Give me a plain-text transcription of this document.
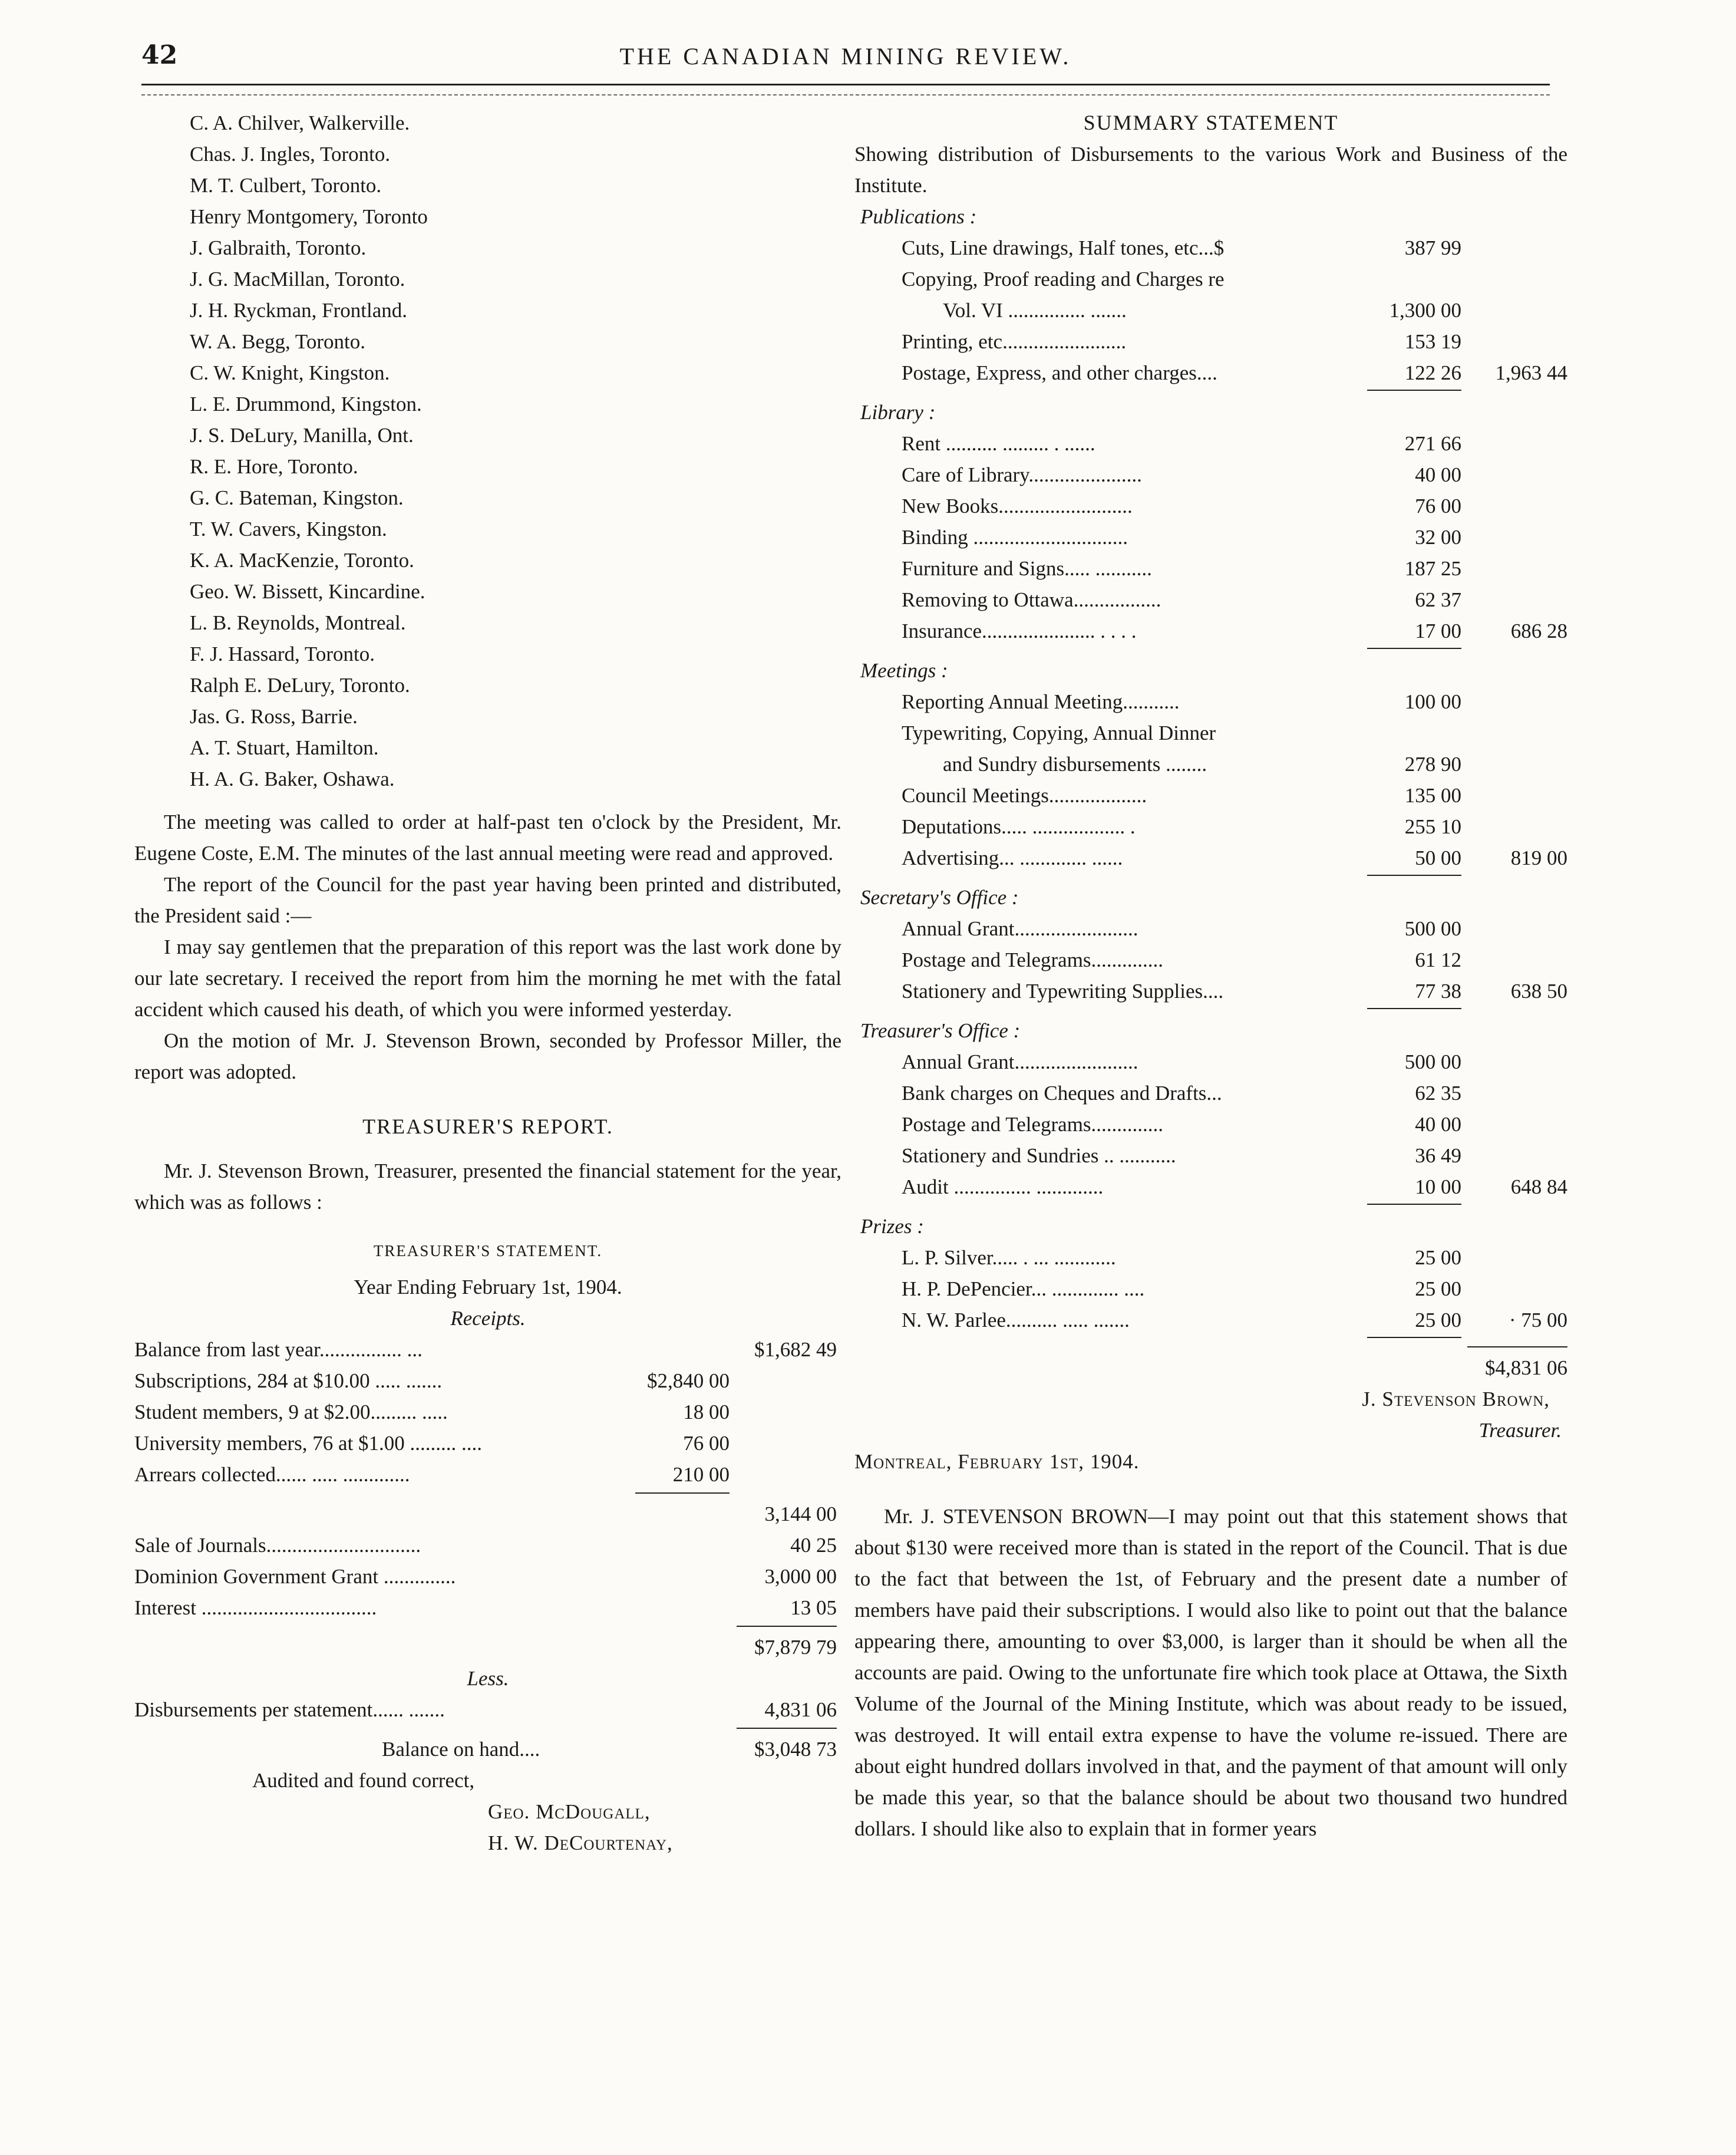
42	THE CANADIAN MINING REVIEW.
C. A. Chilver, Walkerville.
Chas. J. Ingles, Toronto.
M. T. Culbert, Toronto.
Henry Montgomery, Toronto
J. Galbraith, Toronto.
J. G. MacMillan, Toronto.
J. H. Ryckman, Frontland.
W. A. Begg, Toronto.
C. W. Knight, Kingston.
L. E. Drummond, Kingston.
J. S. DeLury, Manilla, Ont.
R. E. Hore, Toronto.
G. C. Bateman, Kingston.
T. W. Cavers, Kingston.
K. A. MacKenzie, Toronto.
Geo. W. Bissett, Kincardine.
L. B. Reynolds, Montreal.
F. J. Hassard, Toronto.
Ralph E. DeLury, Toronto.
Jas. G. Ross, Barrie.
A. T. Stuart, Hamilton.
H. A. G. Baker, Oshawa.

The meeting was called to order at half-past ten o'clock by the President, Mr. Eugene Coste, E.M. The minutes of the last annual meeting were read and approved.

The report of the Council for the past year having been printed and distributed, the President said :—

I may say gentlemen that the preparation of this report was the last work done by our late secretary. I received the report from him the morning he met with the fatal accident which caused his death, of which you were informed yesterday.

On the motion of Mr. J. Stevenson Brown, seconded by Professor Miller, the report was adopted.

TREASURER'S REPORT.

Mr. J. Stevenson Brown, Treasurer, presented the financial statement for the year, which was as follows :

TREASURER'S STATEMENT.
Year Ending February 1st, 1904.
Receipts.
Balance from last year................ ...	$1,682 49
Subscriptions, 284 at $10.00 ..... .......	$2,840 00
Student members, 9 at $2.00......... .....	18 00
University members, 76 at $1.00 ......... ....	76 00
Arrears collected...... ..... .............	210 00
3,144 00
Sale of Journals..............................	40 25
Dominion Government Grant ..............	3,000 00
Interest ..................................	13 05
$7,879 79
Less.
Disbursements per statement...... .......	4,831 06
Balance on hand....	$3,048 73
Audited and found correct,
Geo. McDougall,
H. W. DeCourtenay,
SUMMARY STATEMENT

Showing distribution of Disbursements to the various Work and Business of the Institute.

Publications :
Cuts, Line drawings, Half tones, etc...$	387 99
Copying, Proof reading and Charges re
Vol. VI ............... .......	1,300 00
Printing, etc........................	153 19
Postage, Express, and other charges....	122 26	1,963 44
Library :
Rent .......... ......... . ......	271 66
Care of Library......................	40 00
New Books..........................	76 00
Binding ..............................	32 00
Furniture and Signs..... ...........	187 25
Removing to Ottawa.................	62 37
Insurance...................... . . . .	17 00	686 28
Meetings :
Reporting Annual Meeting...........	100 00
Typewriting, Copying, Annual Dinner
and Sundry disbursements ........	278 90
Council Meetings...................	135 00
Deputations..... .................. .	255 10
Advertising... ............. ......	50 00	819 00
Secretary's Office :
Annual Grant........................	500 00
Postage and Telegrams..............	61 12
Stationery and Typewriting Supplies....	77 38	638 50
Treasurer's Office :
Annual Grant........................	500 00
Bank charges on Cheques and Drafts...	62 35
Postage and Telegrams..............	40 00
Stationery and Sundries .. ...........	36 49
Audit ............... .............	10 00	648 84
Prizes :
L. P. Silver..... . ... ............	25 00
H. P. DePencier... ............. ....	25 00
N. W. Parlee.......... ..... .......	25 00	· 75 00
$4,831 06
J. Stevenson Brown,
Treasurer.
Montreal, February 1st, 1904.

Mr. J. STEVENSON BROWN—I may point out that this statement shows that about $130 were received more than is stated in the report of the Council. That is due to the fact that between the 1st, of February and the present date a number of members have paid their subscriptions. I would also like to point out that the balance appearing there, amounting to over $3,000, is larger than it should be when all the accounts are paid. Owing to the unfortunate fire which took place at Ottawa, the Sixth Volume of the Journal of the Mining Institute, which was about ready to be issued, was destroyed. It will entail extra expense to have the volume re-issued. There are about eight hundred dollars involved in that, and the payment of that amount will only be made this year, so that the balance should be about two thousand two hundred dollars. I should like also to explain that in former years
